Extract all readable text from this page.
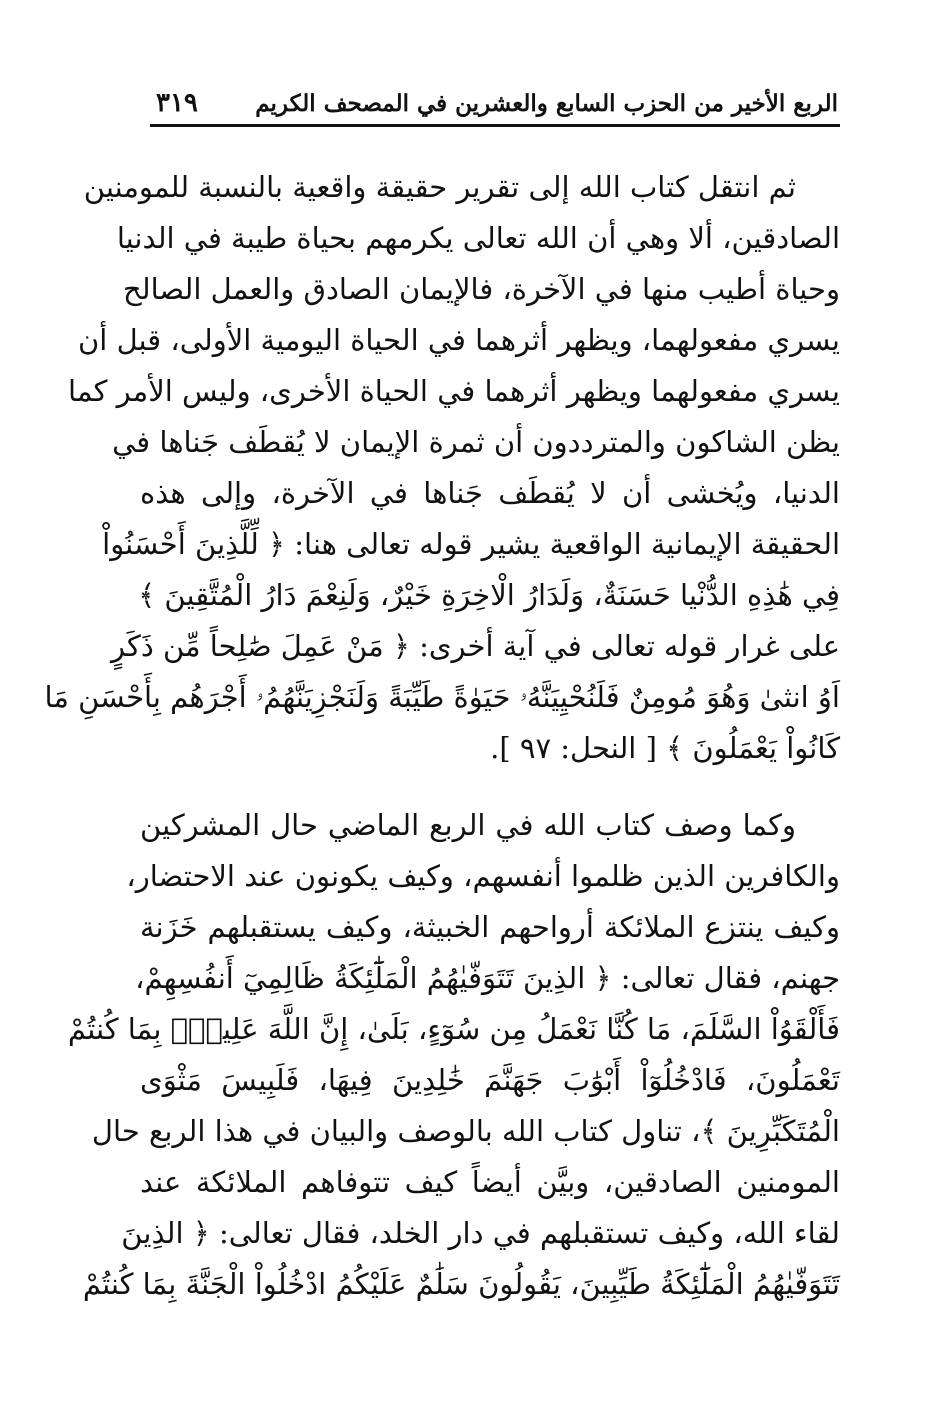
الربع الأخير من الحزب السابع والعشرين في المصحف الكريم
٣١٩
ثم انتقل كتاب الله إلى تقرير حقيقة واقعية بالنسبة للمومنين
الصادقين، ألا وهي أن الله تعالى يكرمهم بحياة طيبة في الدنيا
وحياة أطيب منها في الآخرة، فالإيمان الصادق والعمل الصالح
يسري مفعولهما، ويظهر أثرهما في الحياة اليومية الأولى، قبل أن
يسري مفعولهما ويظهر أثرهما في الحياة الأخرى، وليس الأمر كما
يظن الشاكون والمترددون أن ثمرة الإيمان لا يُقطَف جَناها في
الدنيا، ويُخشى أن لا يُقطَف جَناها في الآخرة، وإلى هذه
الحقيقة الإيمانية الواقعية يشير قوله تعالى هنا: ﴿ لِّلَّذِينَ أَحْسَنُواْ
فِي هَٰذِهِ الدُّنْيا حَسَنَةٌ، وَلَدَارُ الْاخِرَةِ خَيْرٌ، وَلَنِعْمَ دَارُ الْمُتَّقِينَ ﴾
على غرار قوله تعالى في آية أخرى: ﴿ مَنْ عَمِلَ صَٰلِحاً مِّن ذَكَرٍ
اَوُ انثىٰ وَهُوَ مُومِنٌ فَلَنُحْيِيَنَّهُۥ حَيَوٰةً طَيِّبَةً وَلَنَجْزِيَنَّهُمُۥ أَجْرَهُم بِأَحْسَنِ مَا
كَانُواْ يَعْمَلُونَ ﴾ [ النحل: ٩٧ ].
وكما وصف كتاب الله في الربع الماضي حال المشركين
والكافرين الذين ظلموا أنفسهم، وكيف يكونون عند الاحتضار،
وكيف ينتزع الملائكة أرواحهم الخبيثة، وكيف يستقبلهم خَزَنة
جهنم، فقال تعالى: ﴿ الذِينَ تَتَوَفّيٰهُمُ الْمَلَٰٓئِكَةُ ظَالِمِيٓ أَنفُسِهِمْ،
فَأَلْقَوُاْ السَّلَمَ، مَا كُنَّا نَعْمَلُ مِن سُوٓءٍ، بَلَىٰ، إِنَّ اللَّهَ عَلِيمٌۢ بِمَا كُنتُمْ
تَعْمَلُونَ، فَادْخُلُوٓاْ أَبْوَٰبَ جَهَنَّمَ خَٰلِدِينَ فِيهَا، فَلَبِيسَ مَثْوَى
الْمُتَكَبِّرِينَ ﴾، تناول كتاب الله بالوصف والبيان في هذا الربع حال
المومنين الصادقين، وبيَّن أيضاً كيف تتوفاهم الملائكة عند
لقاء الله، وكيف تستقبلهم في دار الخلد، فقال تعالى: ﴿ الذِينَ
تَتَوَفّيٰهُمُ الْمَلَٰٓئِكَةُ طَيِّبِينَ، يَقُولُونَ سَلَٰمٌ عَلَيْكُمُ ادْخُلُواْ الْجَنَّةَ بِمَا كُنتُمْ
